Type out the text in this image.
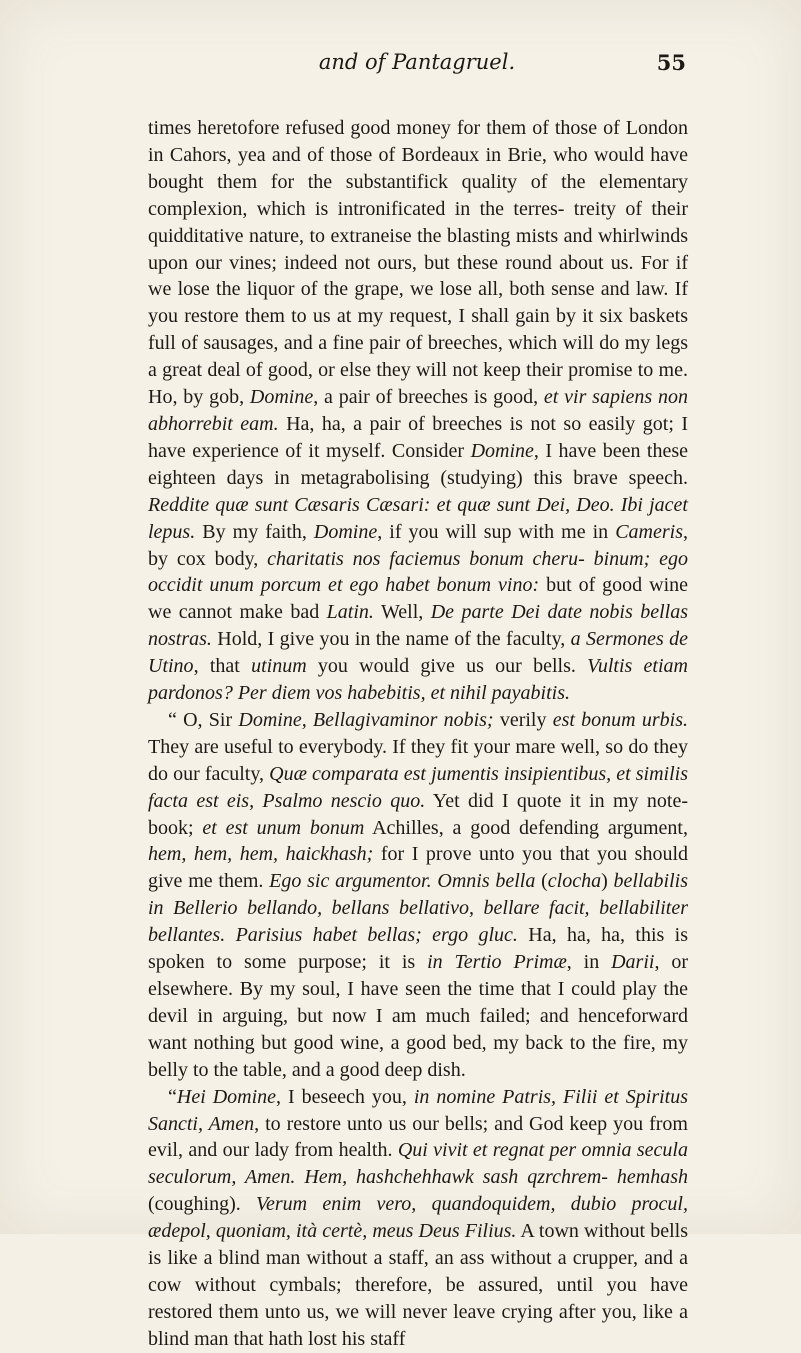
and of Pantagruel.	55

times heretofore refused good money for them of those of London in Cahors, yea and of those of Bordeaux in Brie, who would have bought them for the substantifick quality of the elementary complexion, which is intronificated in the terres- treity of their quidditative nature, to extraneise the blasting mists and whirlwinds upon our vines; indeed not ours, but these round about us. For if we lose the liquor of the grape, we lose all, both sense and law. If you restore them to us at my request, I shall gain by it six baskets full of sausages, and a fine pair of breeches, which will do my legs a great deal of good, or else they will not keep their promise to me. Ho, by gob, Domine, a pair of breeches is good, et vir sapiens non abhorrebit eam. Ha, ha, a pair of breeches is not so easily got; I have experience of it myself. Consider Domine, I have been these eighteen days in metagrabolising (studying) this brave speech. Reddite quæ sunt Cæsaris Cæsari: et quæ sunt Dei, Deo. Ibi jacet lepus. By my faith, Domine, if you will sup with me in Cameris, by cox body, charitatis nos faciemus bonum cheru- binum; ego occidit unum porcum et ego habet bonum vino: but of good wine we cannot make bad Latin. Well, De parte Dei date nobis bellas nostras. Hold, I give you in the name of the faculty, a Sermones de Utino, that utinum you would give us our bells. Vultis etiam pardonos? Per diem vos habebitis, et nihil payabitis.

“ O, Sir Domine, Bellagivaminor nobis; verily est bonum urbis. They are useful to everybody. If they fit your mare well, so do they do our faculty, Quæ comparata est jumentis insipientibus, et similis facta est eis, Psalmo nescio quo. Yet did I quote it in my note-book; et est unum bonum Achilles, a good defending argument, hem, hem, hem, haickhash; for I prove unto you that you should give me them. Ego sic argumentor. Omnis bella (clocha) bellabilis in Bellerio bellando, bellans bellativo, bellare facit, bellabiliter bellantes. Parisius habet bellas; ergo gluc. Ha, ha, ha, this is spoken to some purpose; it is in Tertio Primæ, in Darii, or elsewhere. By my soul, I have seen the time that I could play the devil in arguing, but now I am much failed; and henceforward want nothing but good wine, a good bed, my back to the fire, my belly to the table, and a good deep dish.

“Hei Domine, I beseech you, in nomine Patris, Filii et Spiritus Sancti, Amen, to restore unto us our bells; and God keep you from evil, and our lady from health. Qui vivit et regnat per omnia secula seculorum, Amen. Hem, hashchehhawk sash qzrchrem- hemhash (coughing). Verum enim vero, quandoquidem, dubio procul, ædepol, quoniam, ità certè, meus Deus Filius. A town without bells is like a blind man without a staff, an ass without a crupper, and a cow without cymbals; therefore, be assured, until you have restored them unto us, we will never leave crying after you, like a blind man that hath lost his staff
